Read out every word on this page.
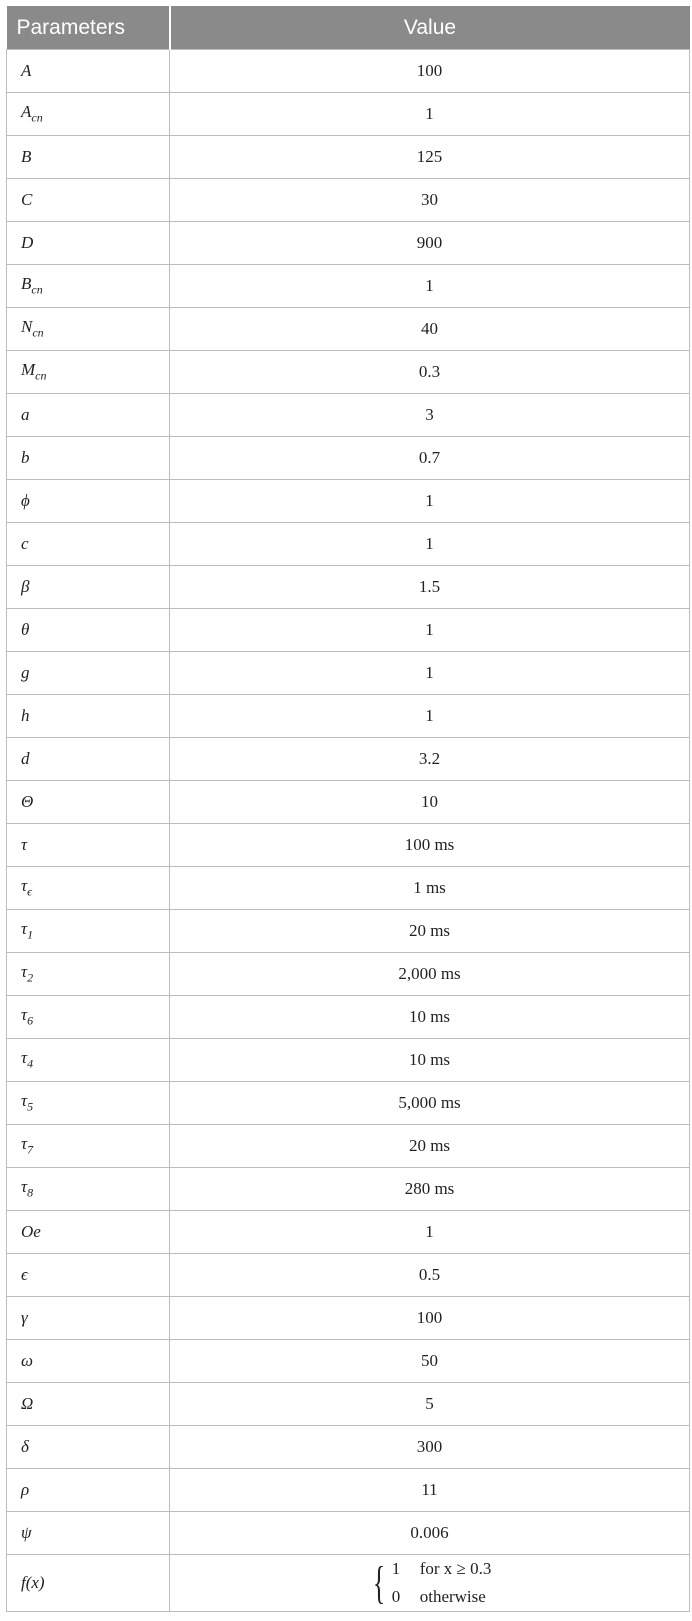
Parameters	Value
A	100
$A_{cn}$	1
B	125
C	30
D	900
$B_{cn}$	1
$N_{cn}$	40
$M_{cn}$	0.3
a	3
b	0.7
ϕ	1
c	1
β	1.5
θ	1
g	1
h	1
d	3.2
Θ	10
τ	100 ms
$\tau_\epsilon$	1 ms
$\tau_1$	20 ms
$\tau_2$	2,000 ms
$\tau_6$	10 ms
$\tau_4$	10 ms
$\tau_5$	5,000 ms
$\tau_7$	20 ms
$\tau_8$	280 ms
Oe	1
ϵ	0.5
γ	100
ω	50
Ω	5
δ	300
ρ	11
ψ	0.006
f(x)	{ 1 for x ≥ 0.3
0 otherwise
